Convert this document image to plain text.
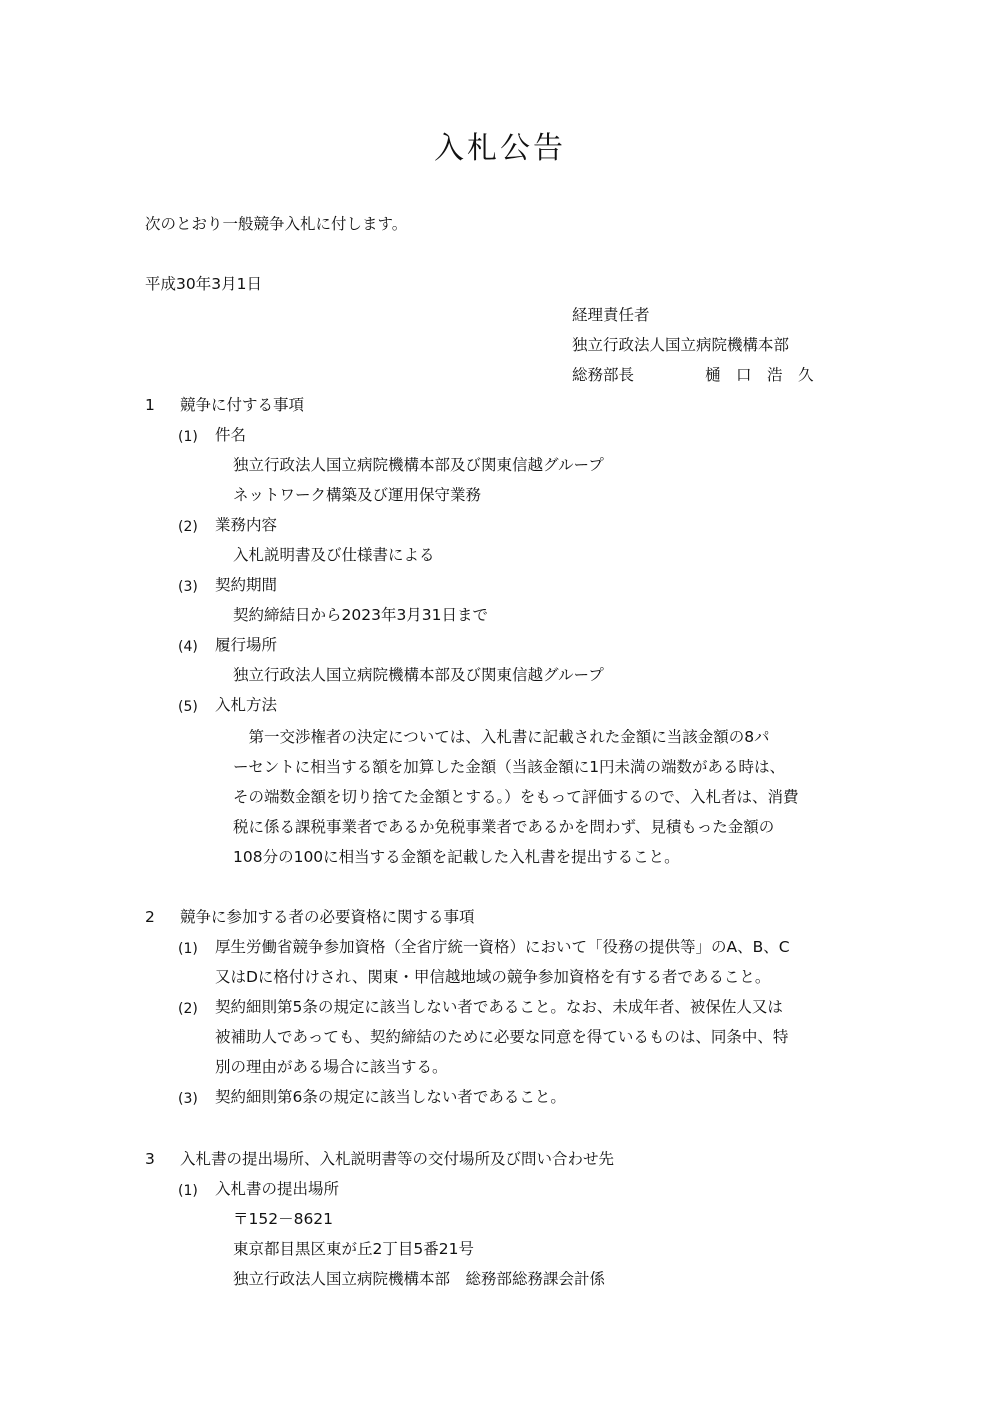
入札公告
次のとおり一般競争入札に付します。
平成30年3月1日
経理責任者
独立行政法人国立病院機構本部
総務部長	樋　口　浩　久
1 競争に付する事項
(1) 件名
独立行政法人国立病院機構本部及び関東信越グループ
ネットワーク構築及び運用保守業務
(2) 業務内容
入札説明書及び仕様書による
(3) 契約期間
契約締結日から2023年3月31日まで
(4) 履行場所
独立行政法人国立病院機構本部及び関東信越グループ
(5) 入札方法
　第一交渉権者の決定については、入札書に記載された金額に当該金額の8パ
ーセントに相当する額を加算した金額（当該金額に1円未満の端数がある時は、
その端数金額を切り捨てた金額とする。）をもって評価するので、入札者は、消費
税に係る課税事業者であるか免税事業者であるかを問わず、見積もった金額の
108分の100に相当する金額を記載した入札書を提出すること。
2 競争に参加する者の必要資格に関する事項
(1) 厚生労働省競争参加資格（全省庁統一資格）において「役務の提供等」のA、B、C
又はDに格付けされ、関東・甲信越地域の競争参加資格を有する者であること。
(2) 契約細則第5条の規定に該当しない者であること。なお、未成年者、被保佐人又は
被補助人であっても、契約締結のために必要な同意を得ているものは、同条中、特
別の理由がある場合に該当する。
(3) 契約細則第6条の規定に該当しない者であること。
3 入札書の提出場所、入札説明書等の交付場所及び問い合わせ先
(1) 入札書の提出場所
〒152－8621
東京都目黒区東が丘2丁目5番21号
独立行政法人国立病院機構本部　総務部総務課会計係
